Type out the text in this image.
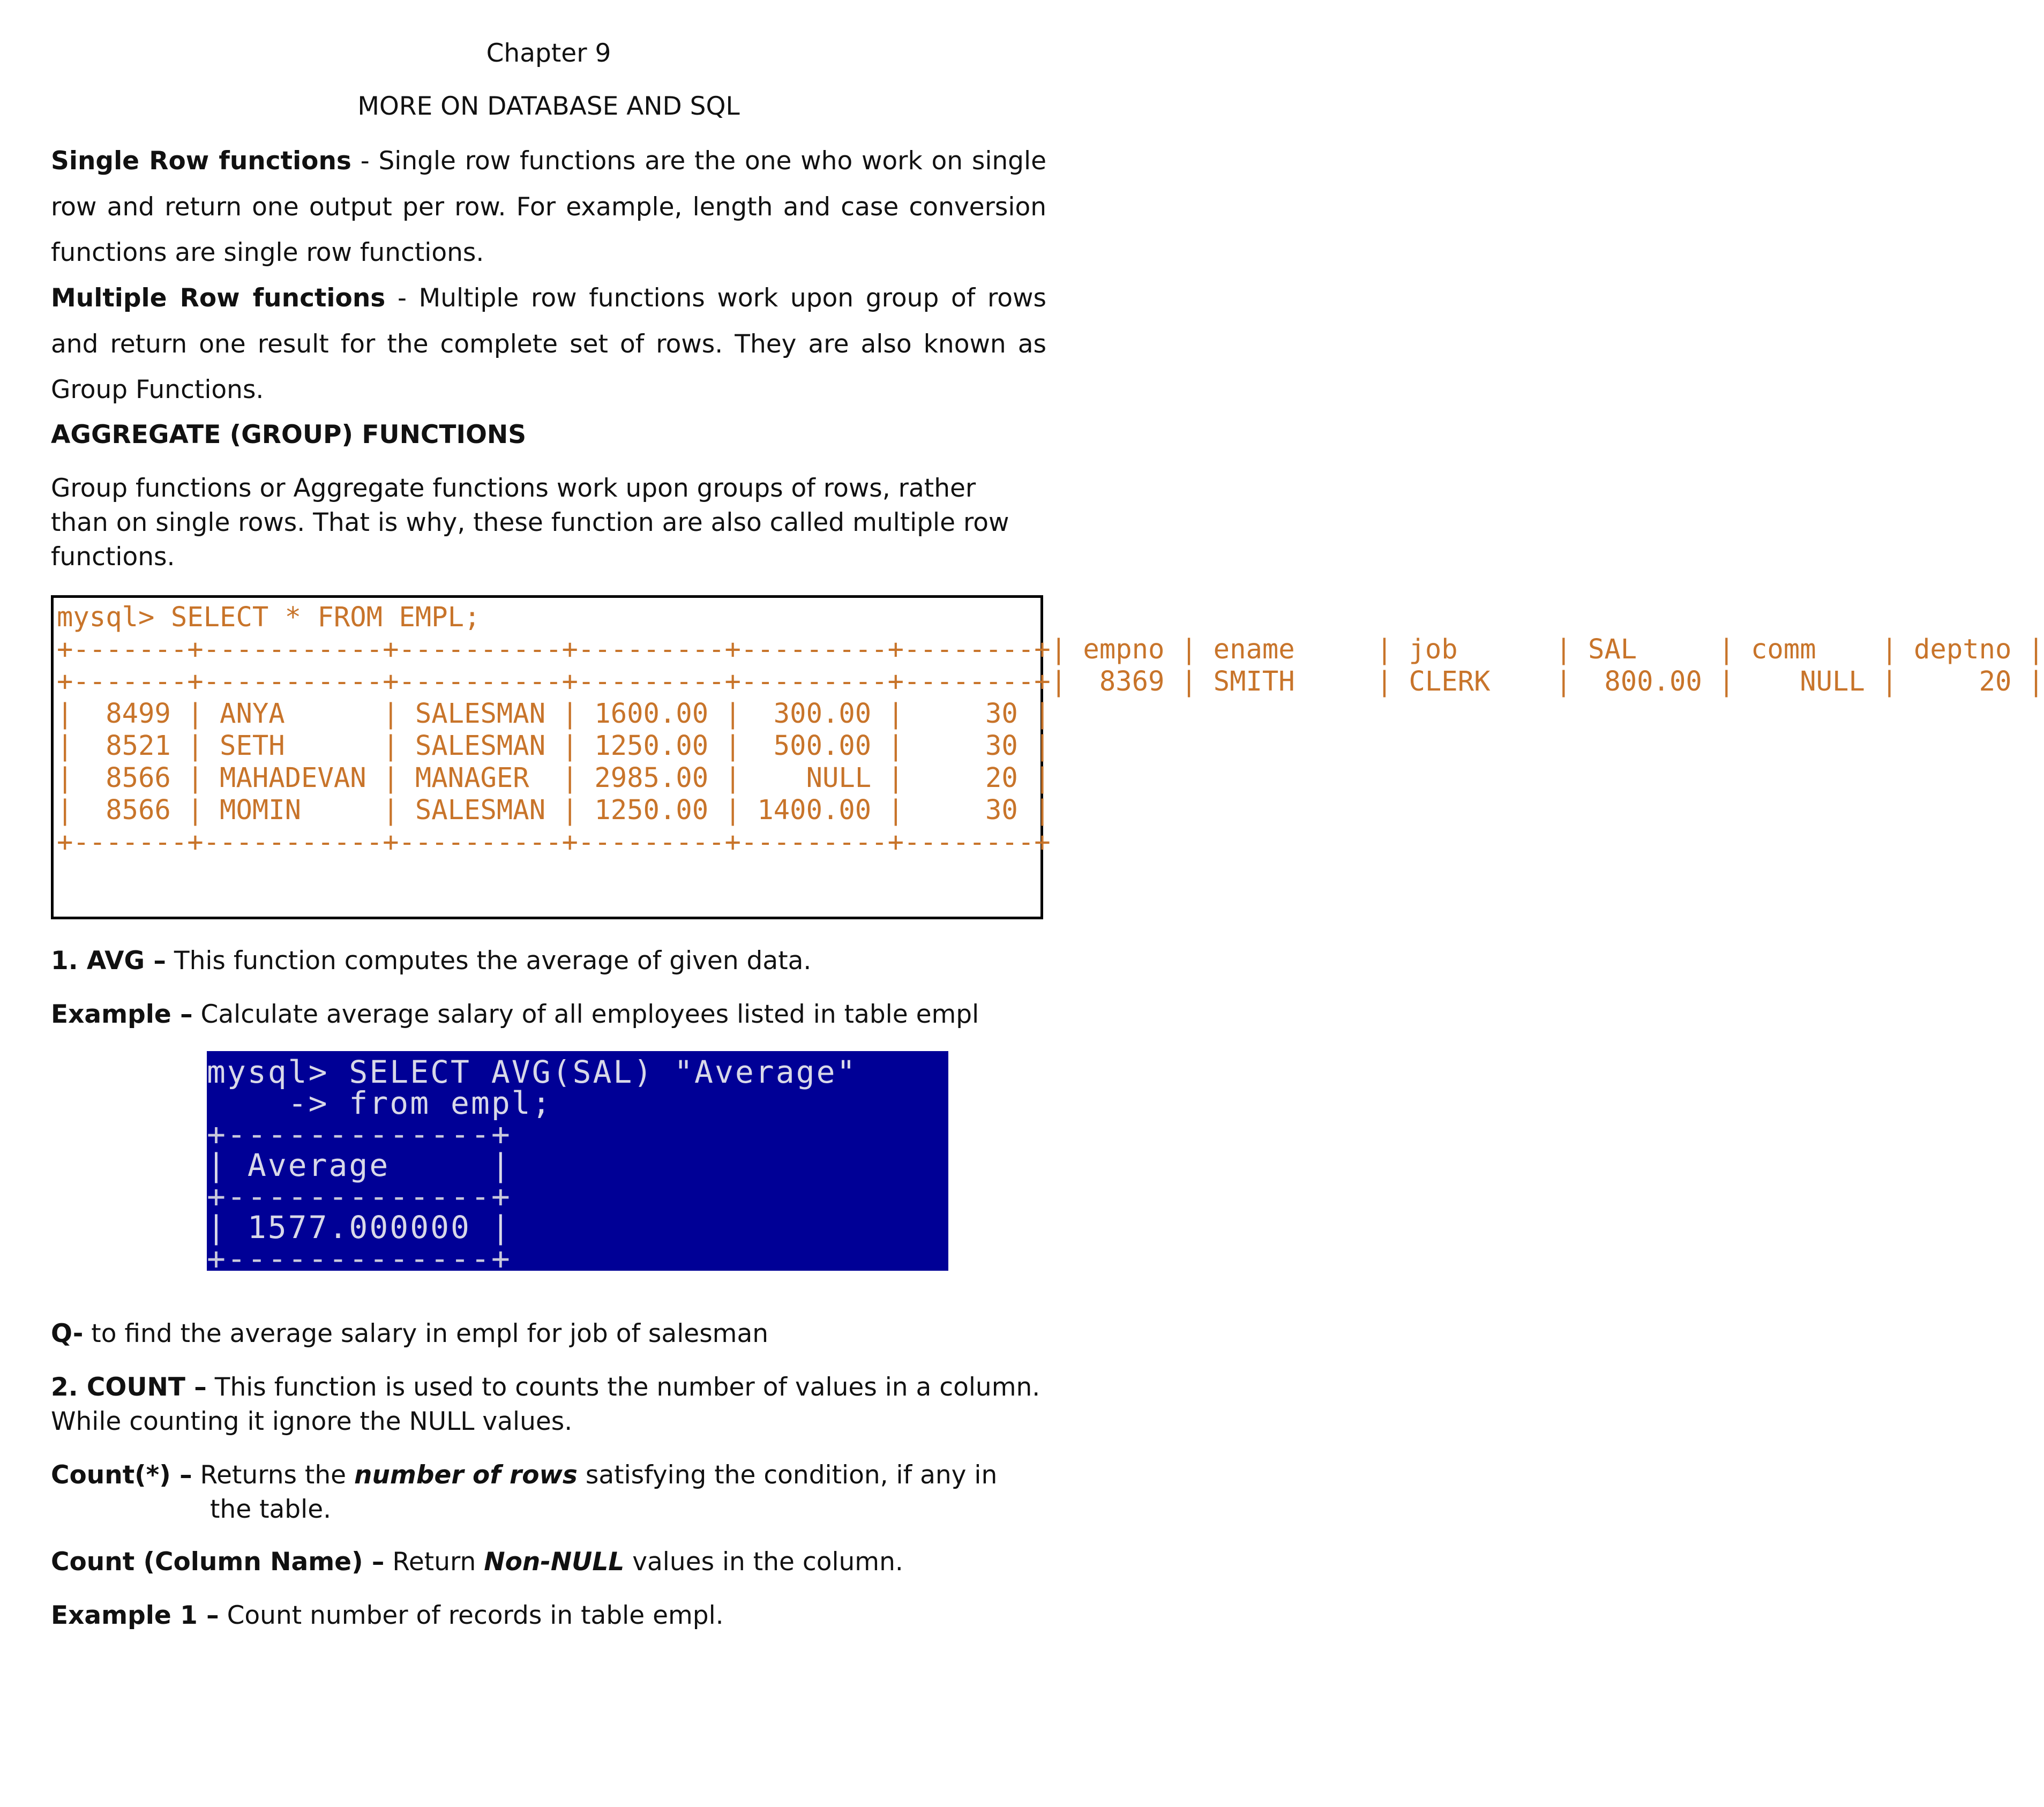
Chapter 9
MORE ON DATABASE AND SQL

Single Row functions - Single row functions are the one who work on single row and return one output per row. For example, length and case conversion functions are single row functions.

Multiple Row functions - Multiple row functions work upon group of rows and return one result for the complete set of rows. They are also known as Group Functions.

AGGREGATE (GROUP) FUNCTIONS

Group functions or Aggregate functions work upon groups of rows, rather than on single rows. That is why, these function are also called multiple row functions.

mysql> SELECT * FROM EMPL;
+-------+-----------+----------+---------+---------+--------+
| empno | ename     | job      | SAL     | comm    | deptno |
+-------+-----------+----------+---------+---------+--------+
|  8369 | SMITH     | CLERK    |  800.00 |    NULL |     20 |
|  8499 | ANYA      | SALESMAN | 1600.00 |  300.00 |     30 |
|  8521 | SETH      | SALESMAN | 1250.00 |  500.00 |     30 |
|  8566 | MAHADEVAN | MANAGER  | 2985.00 |    NULL |     20 |
|  8566 | MOMIN     | SALESMAN | 1250.00 | 1400.00 |     30 |
+-------+-----------+----------+---------+---------+--------+

1. AVG – This function computes the average of given data.

Example – Calculate average salary of all employees listed in table empl

mysql> SELECT AVG(SAL) "Average"
-> from empl;
+-------------+
| Average     |
+-------------+
| 1577.000000 |
+-------------+

Q- to find the average salary in empl for job of salesman

2. COUNT – This function is used to counts the number of values in a column. While counting it ignore the NULL values.

Count(*) – Returns the number of rows satisfying the condition, if any in

the table.

Count (Column Name) – Return Non-NULL values in the column.

Example 1 – Count number of records in table empl.
